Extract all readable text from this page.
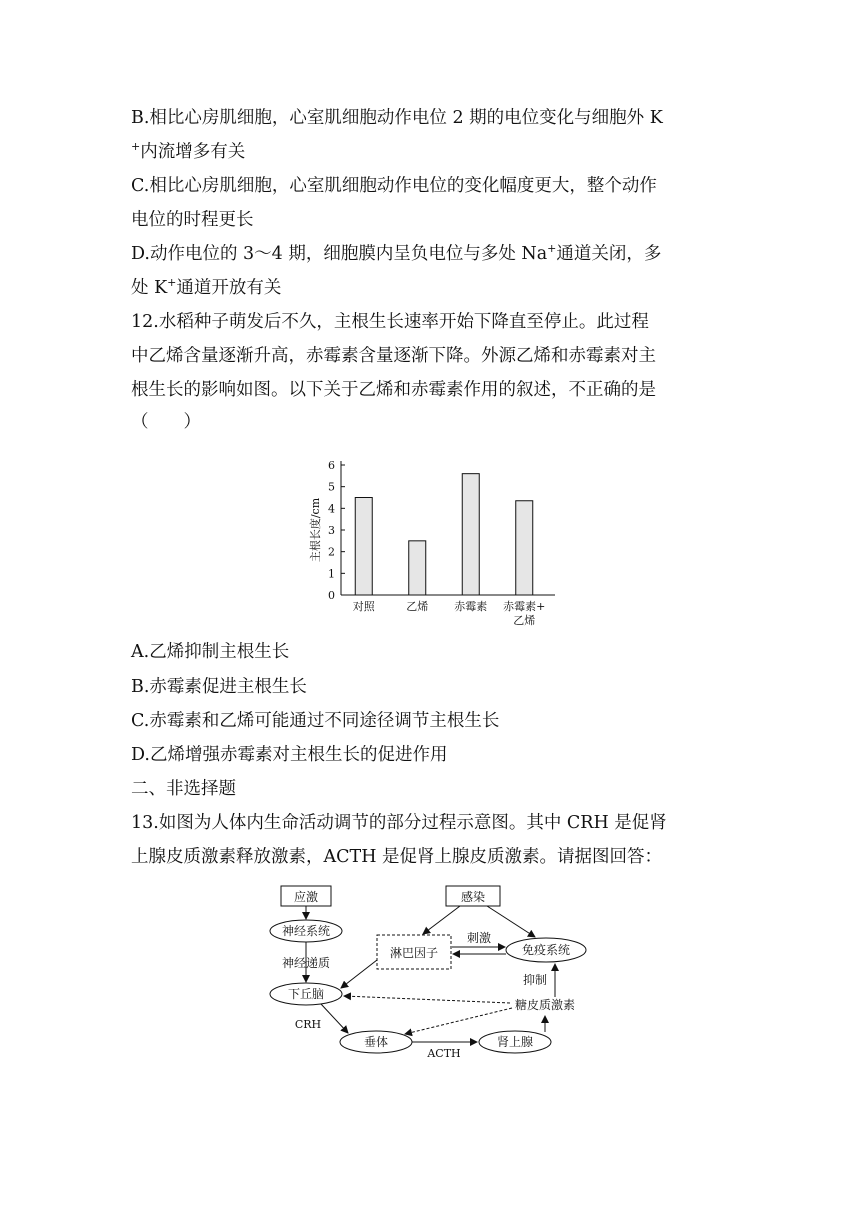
B.相比心房肌细胞，心室肌细胞动作电位 2 期的电位变化与细胞外 K
+内流增多有关
C.相比心房肌细胞，心室肌细胞动作电位的变化幅度更大，整个动作
电位的时程更长
D.动作电位的 3～4 期，细胞膜内呈负电位与多处 Na+通道关闭，多
处 K+通道开放有关
12.水稻种子萌发后不久，主根生长速率开始下降直至停止。此过程
中乙烯含量逐渐升高，赤霉素含量逐渐下降。外源乙烯和赤霉素对主
根生长的影响如图。以下关于乙烯和赤霉素作用的叙述，不正确的是
（　　）
0
1
2
3
4
5
6
主根长度/cm
对照	乙烯 赤霉素 赤霉素+
乙烯
A.乙烯抑制主根生长
B.赤霉素促进主根生长
C.赤霉素和乙烯可能通过不同途径调节主根生长
D.乙烯增强赤霉素对主根生长的促进作用
二、非选择题
13.如图为人体内生命活动调节的部分过程示意图。其中 CRH 是促肾
上腺皮质激素释放激素，ACTH 是促肾上腺皮质激素。请据图回答：
应激	感染
淋巴因子
神经系统
免疫系统
下丘脑
垂体	肾上腺
糖皮质激素
神经递质
刺激
抑制
CRH
ACTH
